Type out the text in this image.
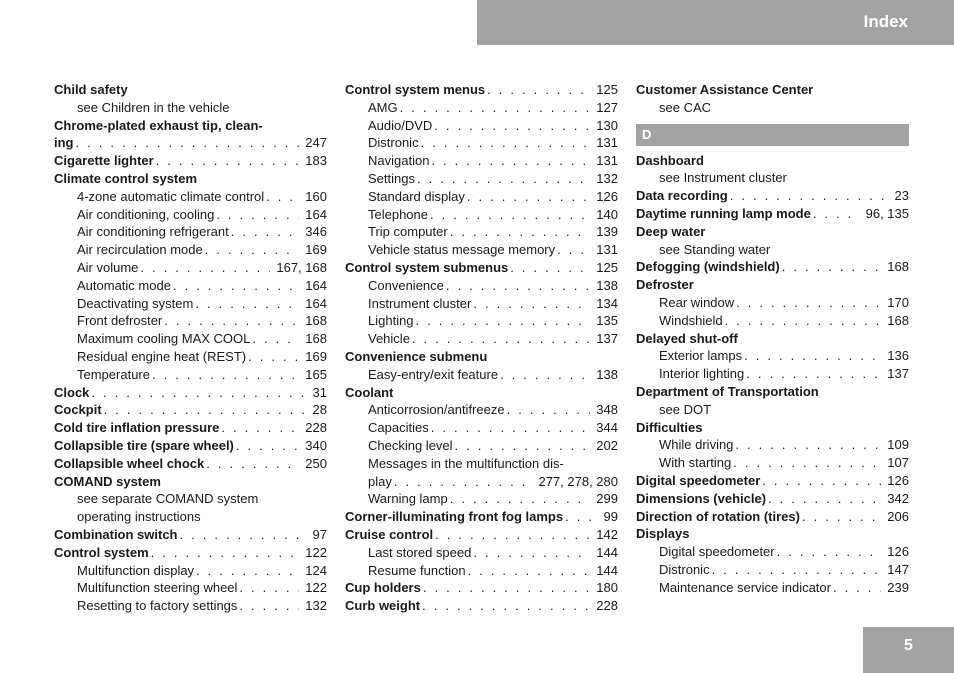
Index
Child safety
see Children in the vehicle
Chrome-plated exhaust tip, clean-
ing . . .	247
Cigarette lighter . . .	183
Climate control system
4-zone automatic climate control . . .	160
Air conditioning, cooling . . .	164
Air conditioning refrigerant . . .	346
Air recirculation mode . . .	169
Air volume . . .	167, 168
Automatic mode . . .	164
Deactivating system . . .	164
Front defroster . . .	168
Maximum cooling MAX COOL . . .	168
Residual engine heat (REST) . . .	169
Temperature . . .	165
Clock . . .	31
Cockpit . . .	28
Cold tire inflation pressure . . .	228
Collapsible tire (spare wheel) . . .	340
Collapsible wheel chock . . .	250
COMAND system
see separate COMAND system
operating instructions
Combination switch . . .	97
Control system . . .	122
Multifunction display . . .	124
Multifunction steering wheel . . .	122
Resetting to factory settings . . .	132
Control system menus . . .	125
AMG . . .	127
Audio/DVD . . .	130
Distronic . . .	131
Navigation . . .	131
Settings . . .	132
Standard display . . .	126
Telephone . . .	140
Trip computer . . .	139
Vehicle status message memory . . .	131
Control system submenus . . .	125
Convenience . . .	138
Instrument cluster . . .	134
Lighting . . .	135
Vehicle . . .	137
Convenience submenu
Easy-entry/exit feature . . .	138
Coolant
Anticorrosion/antifreeze . . .	348
Capacities . . .	344
Checking level . . .	202
Messages in the multifunction dis-
play . . .	277, 278, 280
Warning lamp . . .	299
Corner-illuminating front fog lamps . . .	99
Cruise control . . .	142
Last stored speed . . .	144
Resume function . . .	144
Cup holders . . .	180
Curb weight . . .	228
Customer Assistance Center
see CAC
D
Dashboard
see Instrument cluster
Data recording . . .	23
Daytime running lamp mode . . .	96, 135
Deep water
see Standing water
Defogging (windshield) . . .	168
Defroster
Rear window . . .	170
Windshield . . .	168
Delayed shut-off
Exterior lamps . . .	136
Interior lighting . . .	137
Department of Transportation
see DOT
Difficulties
While driving . . .	109
With starting . . .	107
Digital speedometer . . .	126
Dimensions (vehicle) . . .	342
Direction of rotation (tires) . . .	206
Displays
Digital speedometer . . .	126
Distronic . . .	147
Maintenance service indicator . . .	239
5
